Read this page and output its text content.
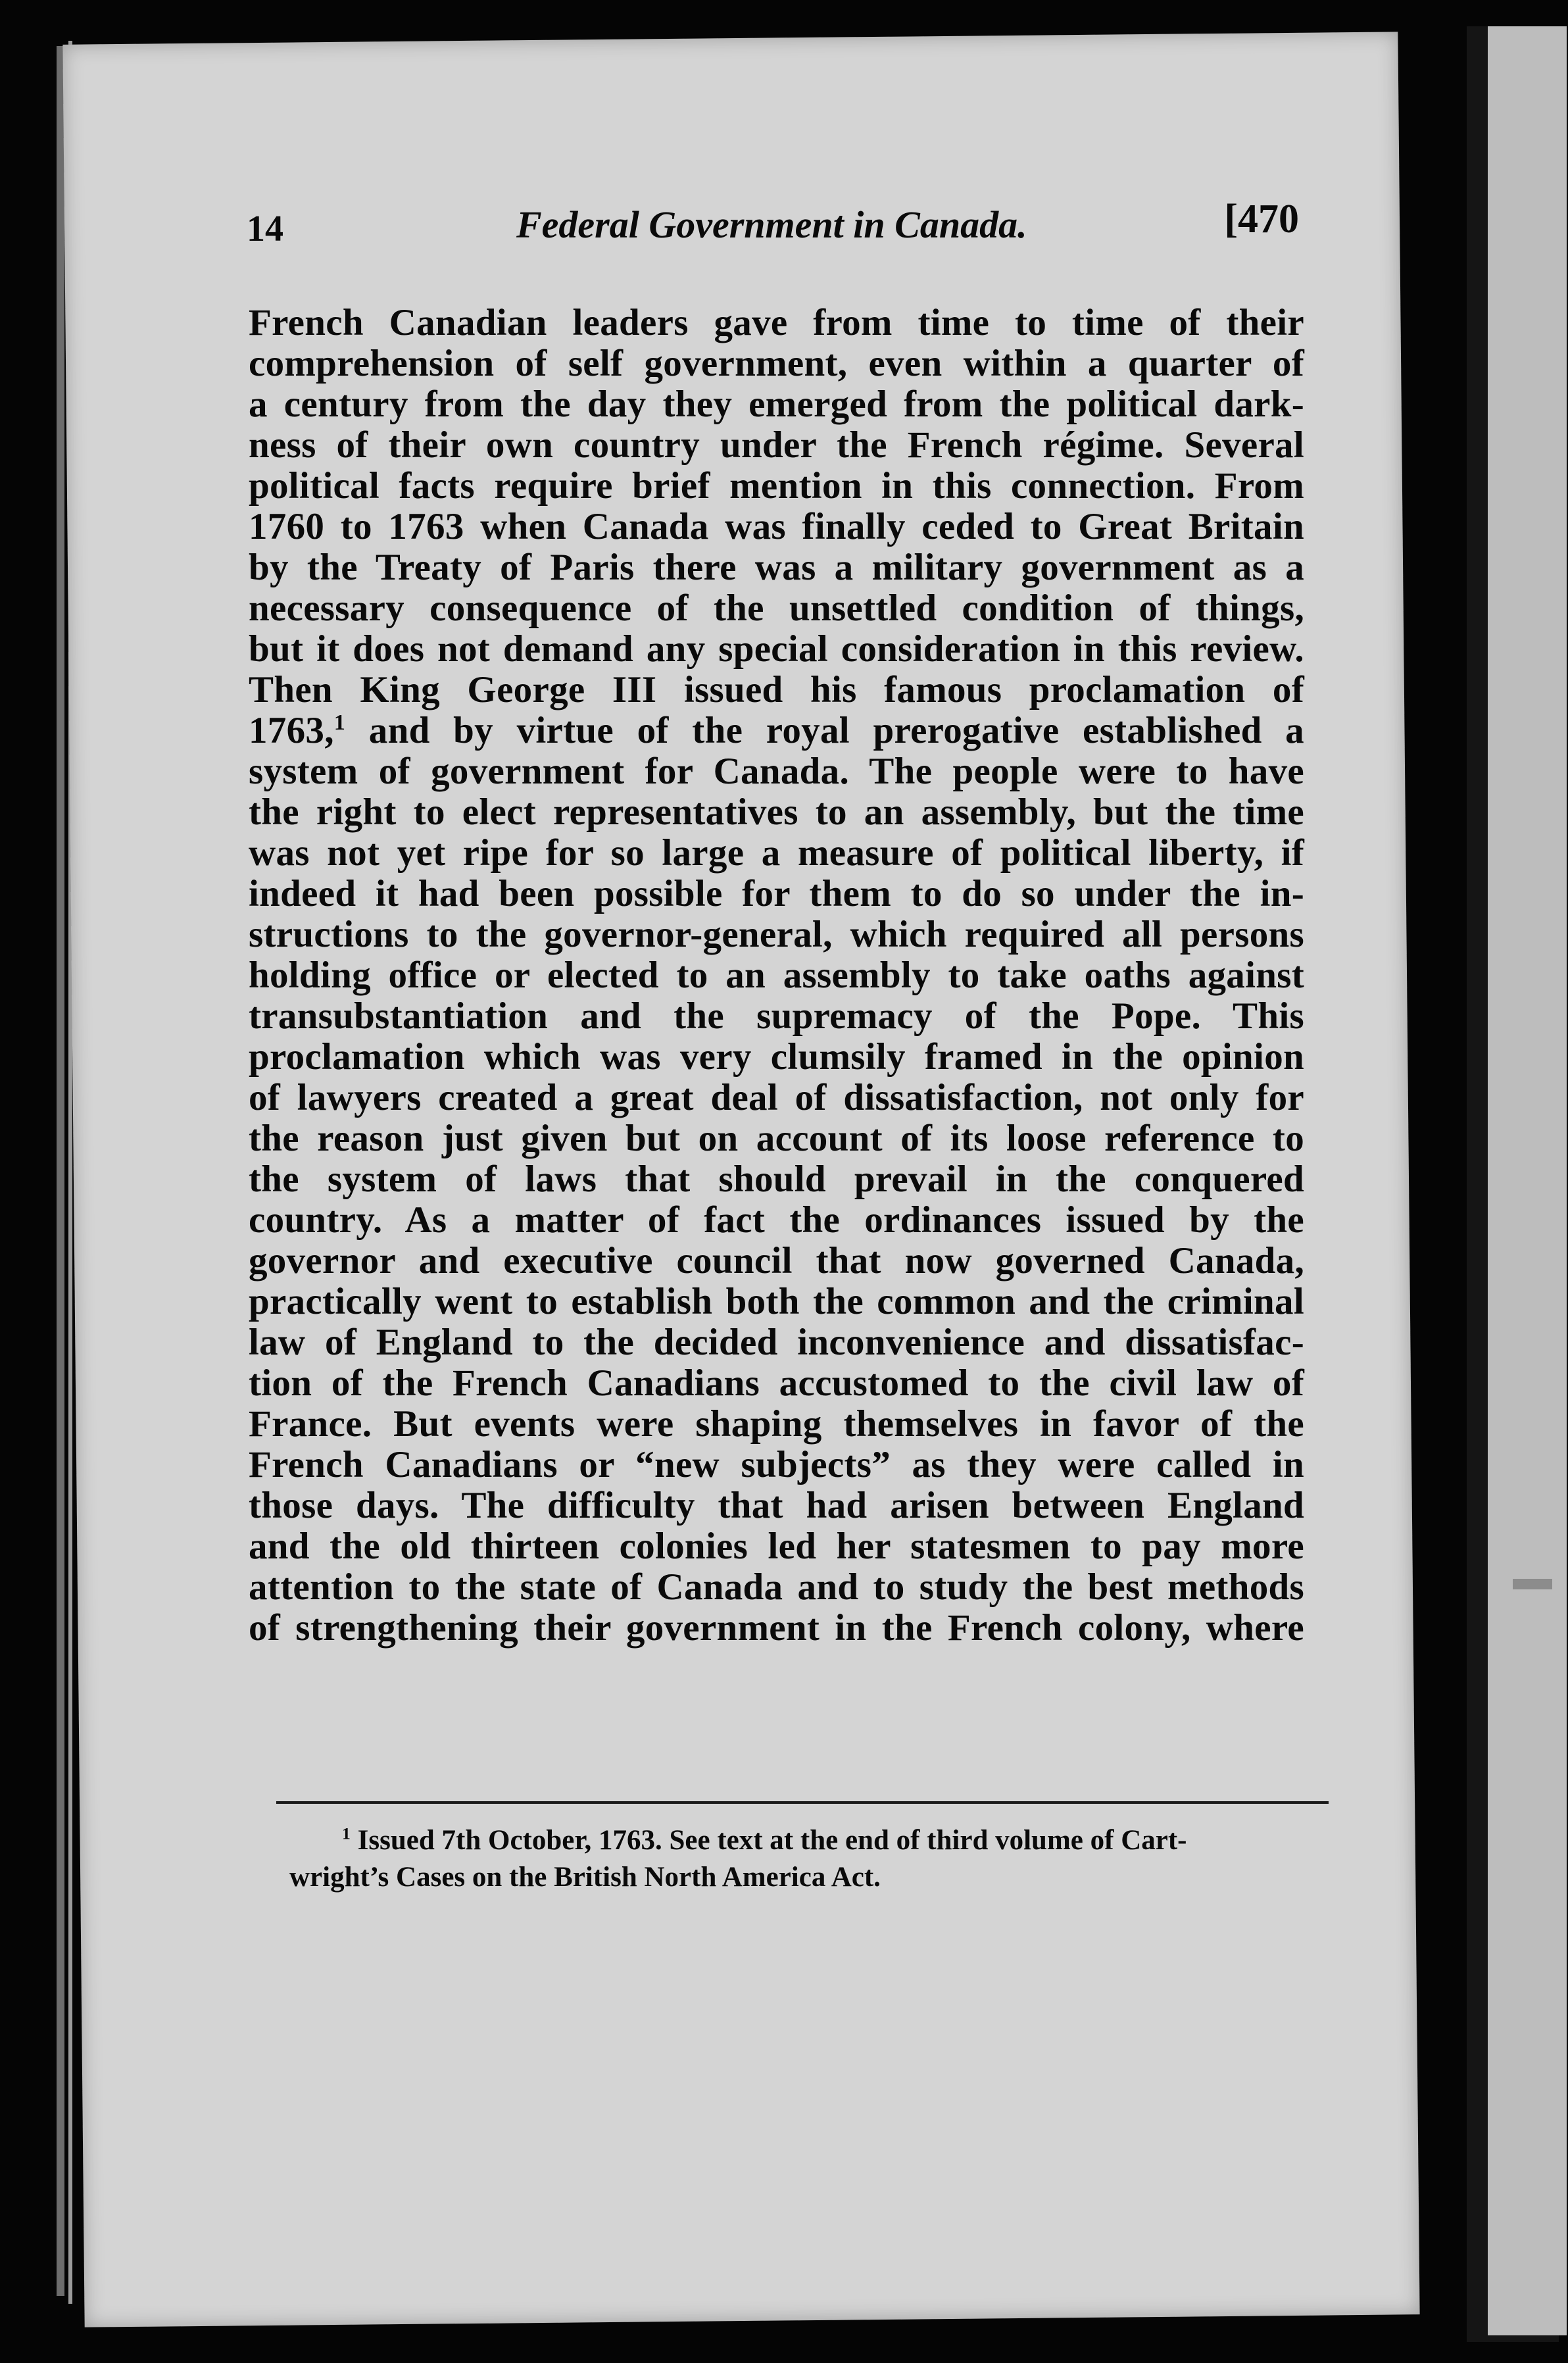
14	Federal Government in Canada.	[470
French Canadian leaders gave from time to time of their
comprehension of self government, even within a quarter of
a century from the day they emerged from the political dark-
ness of their own country under the French régime. Several
political facts require brief mention in this connection. From
1760 to 1763 when Canada was finally ceded to Great Britain
by the Treaty of Paris there was a military government as a
necessary consequence of the unsettled condition of things,
but it does not demand any special consideration in this review.
Then King George III issued his famous proclamation of
1763,$^1$ and by virtue of the royal prerogative established a
system of government for Canada. The people were to have
the right to elect representatives to an assembly, but the time
was not yet ripe for so large a measure of political liberty, if
indeed it had been possible for them to do so under the in-
structions to the governor-general, which required all persons
holding office or elected to an assembly to take oaths against
transubstantiation and the supremacy of the Pope. This
proclamation which was very clumsily framed in the opinion
of lawyers created a great deal of dissatisfaction, not only for
the reason just given but on account of its loose reference to
the system of laws that should prevail in the conquered
country. As a matter of fact the ordinances issued by the
governor and executive council that now governed Canada,
practically went to establish both the common and the criminal
law of England to the decided inconvenience and dissatisfac-
tion of the French Canadians accustomed to the civil law of
France. But events were shaping themselves in favor of the
French Canadians or “new subjects” as they were called in
those days. The difficulty that had arisen between England
and the old thirteen colonies led her statesmen to pay more
attention to the state of Canada and to study the best methods
of strengthening their government in the French colony, where
$^1$ Issued 7th October, 1763. See text at the end of third volume of Cart-
wright’s Cases on the British North America Act.
